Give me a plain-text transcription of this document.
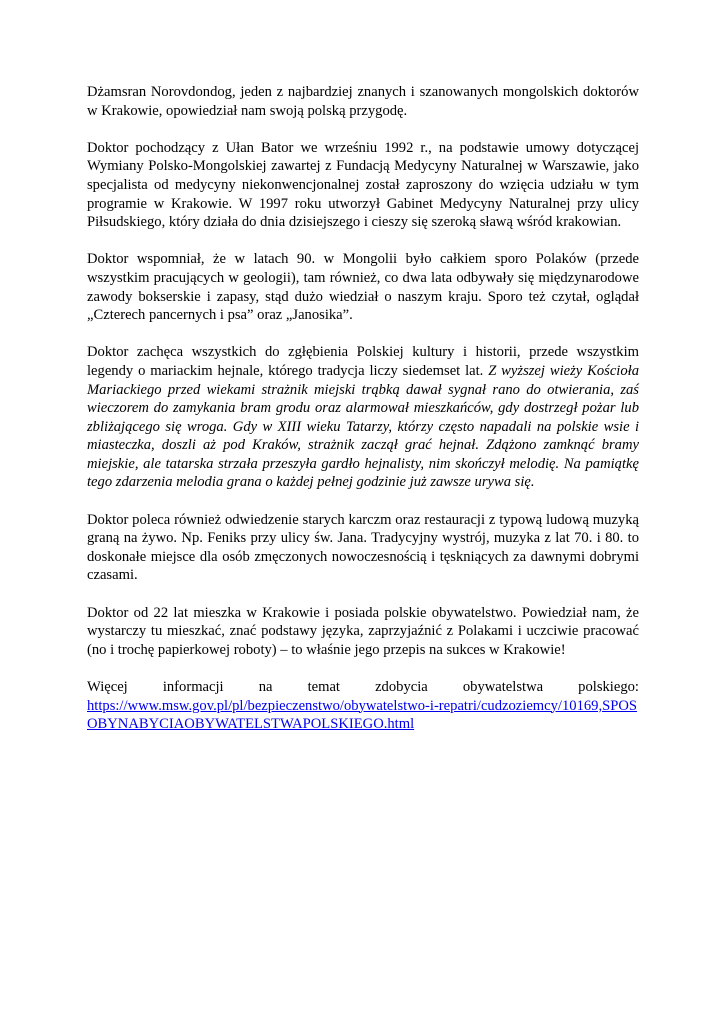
Dżamsran Norovdondog, jeden z najbardziej znanych i szanowanych mongolskich doktorów w Krakowie, opowiedział nam swoją polską przygodę.

Doktor pochodzący z Ułan Bator we wrześniu 1992 r., na podstawie umowy dotyczącej Wymiany Polsko-Mongolskiej zawartej z Fundacją Medycyny Naturalnej w Warszawie, jako specjalista od medycyny niekonwencjonalnej został zaproszony do wzięcia udziału w tym programie w Krakowie. W 1997 roku utworzył Gabinet Medycyny Naturalnej przy ulicy Piłsudskiego, który działa do dnia dzisiejszego i cieszy się szeroką sławą wśród krakowian.

Doktor wspomniał, że w latach 90. w Mongolii było całkiem sporo Polaków (przede wszystkim pracujących w geologii), tam również, co dwa lata odbywały się międzynarodowe zawody bokserskie i zapasy, stąd dużo wiedział o naszym kraju. Sporo też czytał, oglądał „Czterech pancernych i psa” oraz „Janosika”.

Doktor zachęca wszystkich do zgłębienia Polskiej kultury i historii, przede wszystkim legendy o mariackim hejnale, którego tradycja liczy siedemset lat. Z wyższej wieży Kościoła Mariackiego przed wiekami strażnik miejski trąbką dawał sygnał rano do otwierania, zaś wieczorem do zamykania bram grodu oraz alarmował mieszkańców, gdy dostrzegł pożar lub zbliżającego się wroga. Gdy w XIII wieku Tatarzy, którzy często napadali na polskie wsie i miasteczka, doszli aż pod Kraków, strażnik zaczął grać hejnał. Zdążono zamknąć bramy miejskie, ale tatarska strzała przeszyła gardło hejnalisty, nim skończył melodię. Na pamiątkę tego zdarzenia melodia grana o każdej pełnej godzinie już zawsze urywa się.

Doktor poleca również odwiedzenie starych karczm oraz restauracji z typową ludową muzyką graną na żywo. Np. Feniks przy ulicy św. Jana. Tradycyjny wystrój, muzyka z lat 70. i 80. to doskonałe miejsce dla osób zmęczonych nowoczesnością i tęskniących za dawnymi dobrymi czasami.

Doktor od 22 lat mieszka w Krakowie i posiada polskie obywatelstwo. Powiedział nam, że wystarczy tu mieszkać, znać podstawy języka, zaprzyjaźnić z Polakami i uczciwie pracować (no i trochę papierkowej roboty) – to właśnie jego przepis na sukces w Krakowie!

Więcej informacji na temat zdobycia obywatelstwa polskiego:
https://www.msw.gov.pl/pl/bezpieczenstwo/obywatelstwo-i-repatri/cudzoziemcy/10169,SPOSOBYNABYCIAOBYWATELSTWAPOLSKIEGO.html
